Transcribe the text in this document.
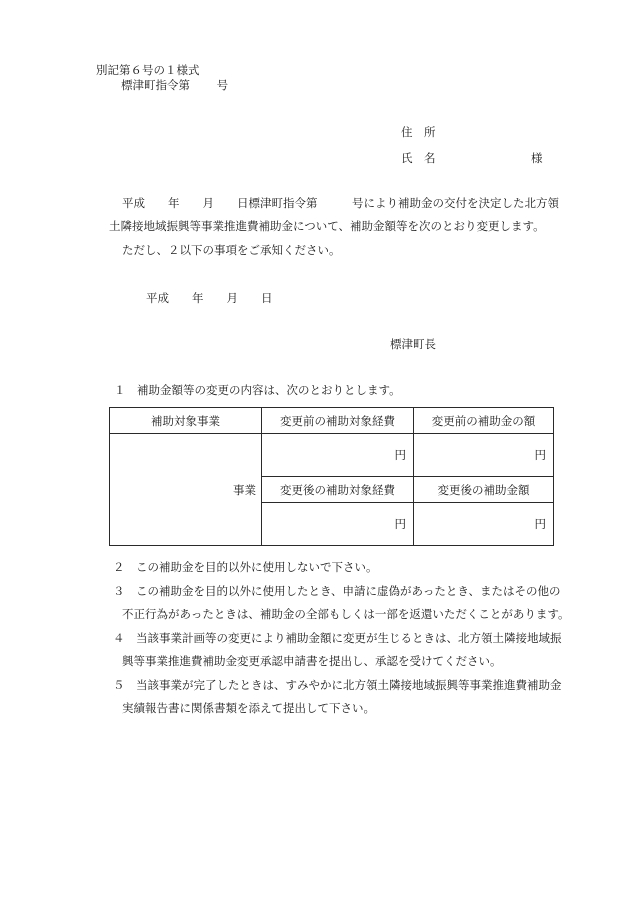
別記第６号の１様式
標津町指令第　　 号
住　所
氏　名	様
平成　　年　　月　　日標津町指令第　　　号により補助金の交付を決定した北方領
土隣接地域振興等事業推進費補助金について、補助金額等を次のとおり変更します。
ただし、２以下の事項をご承知ください。
平成　　年　　月　　日
標津町長
１　補助金額等の変更の内容は、次のとおりとします。
補助対象事業	変更前の補助対象経費	変更前の補助金の額
事業	円	円
	変更後の補助対象経費	変更後の補助金額
	円	円
２　この補助金を目的以外に使用しないで下さい。
３　この補助金を目的以外に使用したとき、申請に虚偽があったとき、またはその他の
不正行為があったときは、補助金の全部もしくは一部を返還いただくことがあります。
４　当該事業計画等の変更により補助金額に変更が生じるときは、北方領土隣接地域振
興等事業推進費補助金変更承認申請書を提出し、承認を受けてください。
５　当該事業が完了したときは、すみやかに北方領土隣接地域振興等事業推進費補助金
実績報告書に関係書類を添えて提出して下さい。
